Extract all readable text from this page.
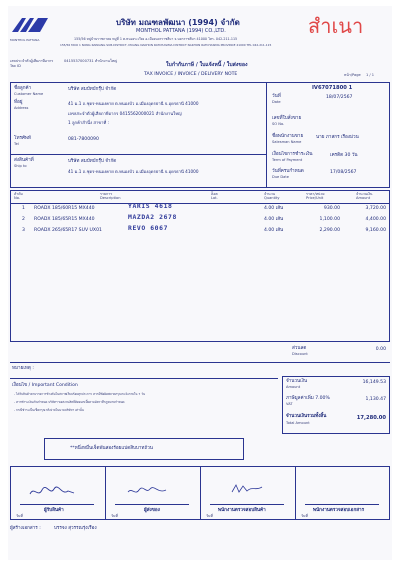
MONTHOL PATTANA
บริษัท มณฑลพัฒนา (1994) จำกัด
MONTHOL PATTANA (1994) CO.,LTD.
155/56 หมู่บ้านราชภาคย หมู่ที่ 1 ต.หนองระเวียง อ.เมืองนครราชสีมา จ.นครราชสีมา 41000 โทร. 042-211-115
155/56 MOO 1 NONG RAWIANG SUB-DISTRICT, MUANG NAKHON RATCHASIMA DISTRICT NAKHON RATCHASIMA PROVINCE 41000 TEL 042-211-115
สำเนา
เลขประจำตัวผู้เสียภาษีอากร	0415537000731 สำนักงานใหญ่
Tax ID	ใบกำกับภาษี / ใบแจ้งหนี้ / ใบส่งของ
TAX INVOICE / INVOICE / DELIVERY NOTE	หน้า/Page 1 / 1
ชื่อลูกค้า
Customer Name
บริษัท สมบัทบักรุ๊ป จำกัด
ที่อยู่
Address
41 ม.1 ถ.ชุดร-หนองคาย ต.หนองบัว อ.เมืองอุดรธานี จ.อุดรธานี 41000
เลขประจำตัวผู้เสียภาษีอากร 0415562000021 สำนักงานใหญ่
1 ลูกค้าสำนึ่ง สาขาที่ :
โทรศัพท์
Tel
081-7800090
ส่งสินค้าที่
Ship to
บริษัท สมบัทบักรุ๊ป จำกัด
41 ม.1 ถ.ชุดร-หนองคาย ต.หนองบัว อ.เมืองอุดรธานี จ.อุดรธานี 41000
IV67071800 1
วันที่
Date
18/07/2567
เลขที่ใบสั่งขาย
SO No.
ชื่อพนักงานขาย
Salesman Name
นาย ภาสกร เรืองม่วน
เงื่อนไขการชำระเงิน
Term of Payment
เครดิต 30 วัน
วันที่ครบกำหนด
Due Date
17/08/2567
ลำดับ
No.
รายการ
Description
ล็อต
Lot.
จำนวน
Quantity
ราคา/หน่วย
Price/Unit
จำนวนเงิน
Amount
1 ROADX 185/60R15 MX440	YARIS 4618	4.00 เส้น	930.00	3,720.00
2 ROADX 185/65R15 MX440	MAZDA2 2678	4.00 เส้น	1,100.00	4,400.00
3 ROADX 265/65R17 SUV UX01	REVO 6067	4.00 เส้น	2,290.00	9,160.00
ส่วนลด
Discount
0.00
หมายเหตุ :
เงื่อนไข / Important Condition
- ได้รับสินค้าตามรายการข้างต้นในสภาพเรียบร้อยทุกประการ หากมีข้อผิดพลาดกรุณาแจ้งภายใน 7 วัน
- หากชำระเงินเกินกำหนด บริษัทฯ ขอสงวนสิทธิ์คิดดอกเบี้ยตามอัตราที่กฎหมายกำหนด
- กรณีชำระเป็นเช็คกรุณาสั่งจ่ายในนามบริษัทฯ เท่านั้น
จำนวนเงิน
Amount
16,149.53
ภาษีมูลค่าเพิ่ม 7.00%
VAT
1,130.47
จำนวนเงินรวมทั้งสิ้น
Total Amount
17,280.00
**หนึ่งหมื่นเจ็ดพันสองร้อยแปดสิบบาทถ้วน
ผู้รับสินค้า	ผู้ส่งของ	พนักงานตรวจสอบสินค้า	พนักงานตรวจสอบเอกสาร
วันที่	วันที่	วันที่	วันที่
ผู้สร้างเอกสาร :	บรรจง สุวรรณรุ่งเรือง
